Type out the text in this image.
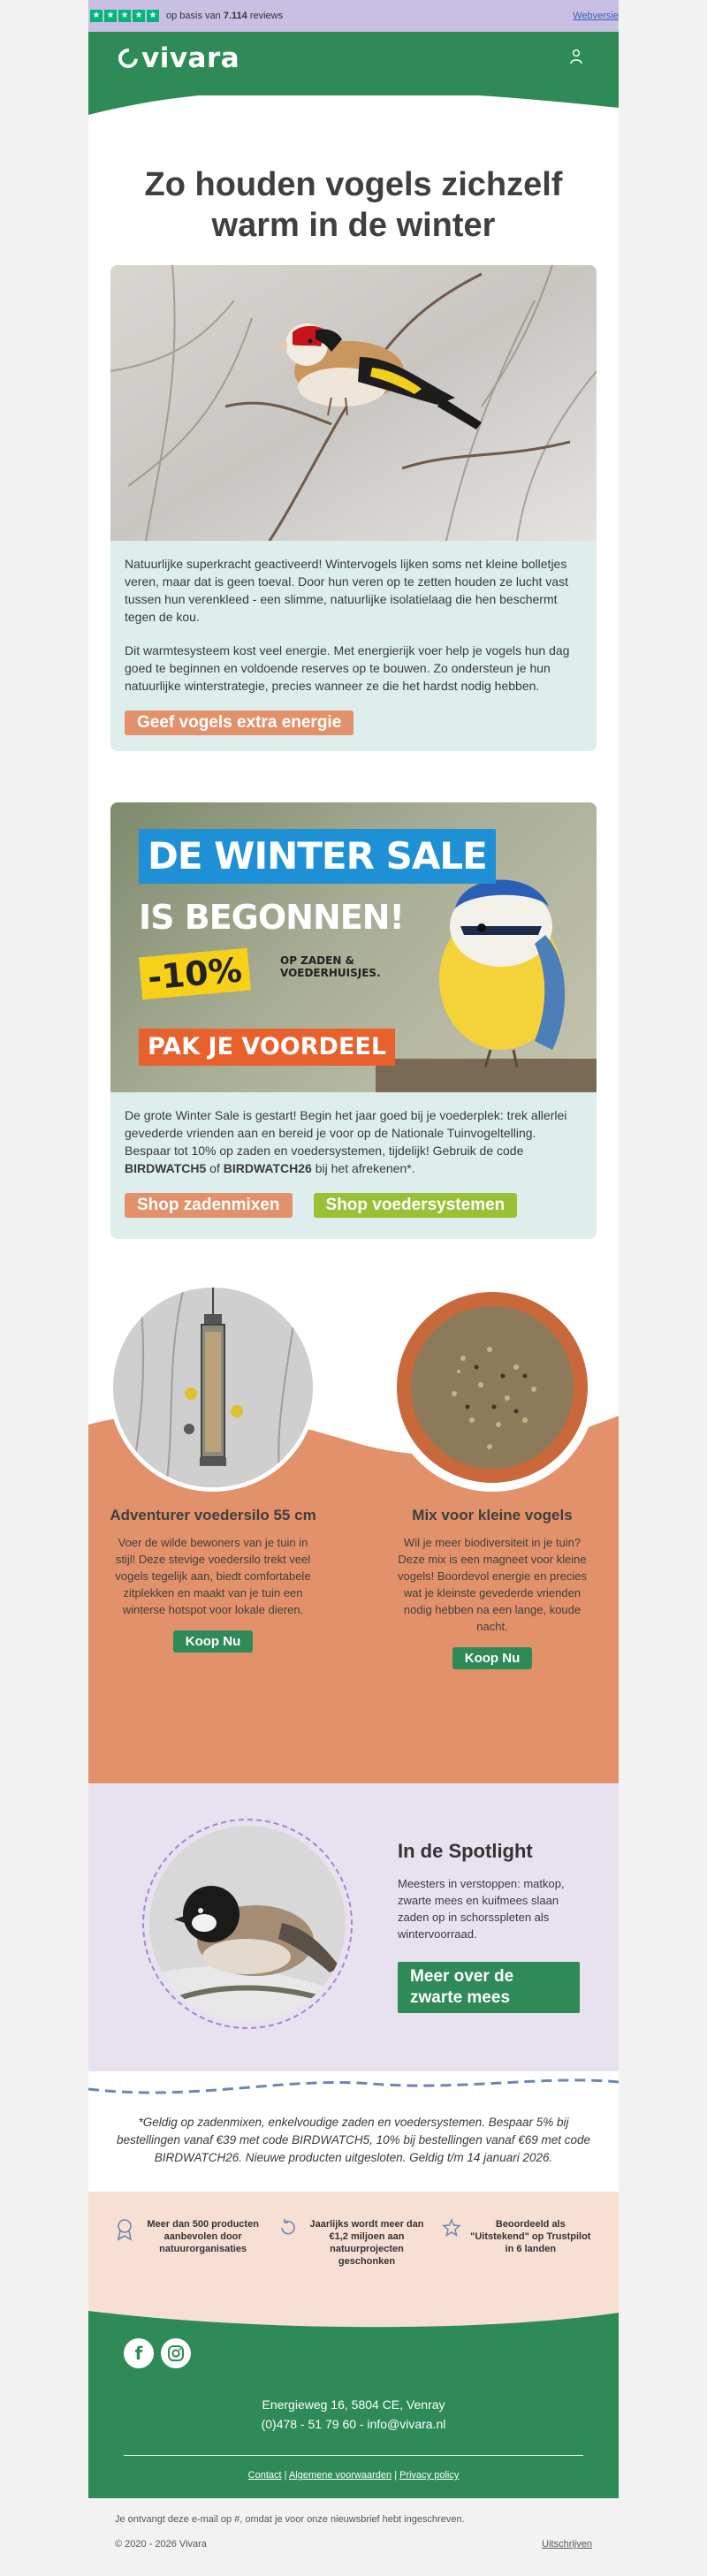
★ ★ ★ ★ ★ op basis van 7.114 reviews	Webversie
vivara
Zo houden vogels zichzelf warm in de winter

Natuurlijke superkracht geactiveerd! Wintervogels lijken soms net kleine bolletjes veren, maar dat is geen toeval. Door hun veren op te zetten houden ze lucht vast tussen hun verenkleed - een slimme, natuurlijke isolatielaag die hen beschermt tegen de kou.

Dit warmtesysteem kost veel energie. Met energierijk voer help je vogels hun dag goed te beginnen en voldoende reserves op te bouwen. Zo ondersteun je hun natuurlijke winterstrategie, precies wanneer ze die het hardst nodig hebben.

Geef vogels extra energie
DE WINTER SALE
IS BEGONNEN!
-10%	OP ZADEN &
VOEDERHUISJES.
PAK JE VOORDEEL

De grote Winter Sale is gestart! Begin het jaar goed bij je voederplek: trek allerlei gevederde vrienden aan en bereid je voor op de Nationale Tuinvogeltelling. Bespaar tot 10% op zaden en voedersystemen, tijdelijk! Gebruik de code BIRDWATCH5 of BIRDWATCH26 bij het afrekenen*.

Shop zadenmixen	Shop voedersystemen
Adventurer voedersilo 55 cm
Voer de wilde bewoners van je tuin in stijl! Deze stevige voedersilo trekt veel vogels tegelijk aan, biedt comfortabele zitplekken en maakt van je tuin een winterse hotspot voor lokale dieren.
Koop Nu
Mix voor kleine vogels
Wil je meer biodiversiteit in je tuin? Deze mix is een magneet voor kleine vogels! Boordevol energie en precies wat je kleinste gevederde vrienden nodig hebben na een lange, koude nacht.
Koop Nu
In de Spotlight
Meesters in verstoppen: matkop, zwarte mees en kuifmees slaan zaden op in schorsspleten als wintervoorraad.
Meer over de zwarte mees

*Geldig op zadenmixen, enkelvoudige zaden en voedersystemen. Bespaar 5% bij bestellingen vanaf €39 met code BIRDWATCH5, 10% bij bestellingen vanaf €69 met code BIRDWATCH26. Nieuwe producten uitgesloten. Geldig t/m 14 januari 2026.

Meer dan 500 producten aanbevolen door natuurorganisaties
Jaarlijks wordt meer dan €1,2 miljoen aan natuurprojecten geschonken
Beoordeeld als "Uitstekend" op Trustpilot in 6 landen
f
Energieweg 16, 5804 CE, Venray
(0)478 - 51 79 60 - info@vivara.nl
Contact | Algemene voorwaarden | Privacy policy
Je ontvangt deze e-mail op #, omdat je voor onze nieuwsbrief hebt ingeschreven.
© 2020 - 2026 Vivara	Uitschrijven
